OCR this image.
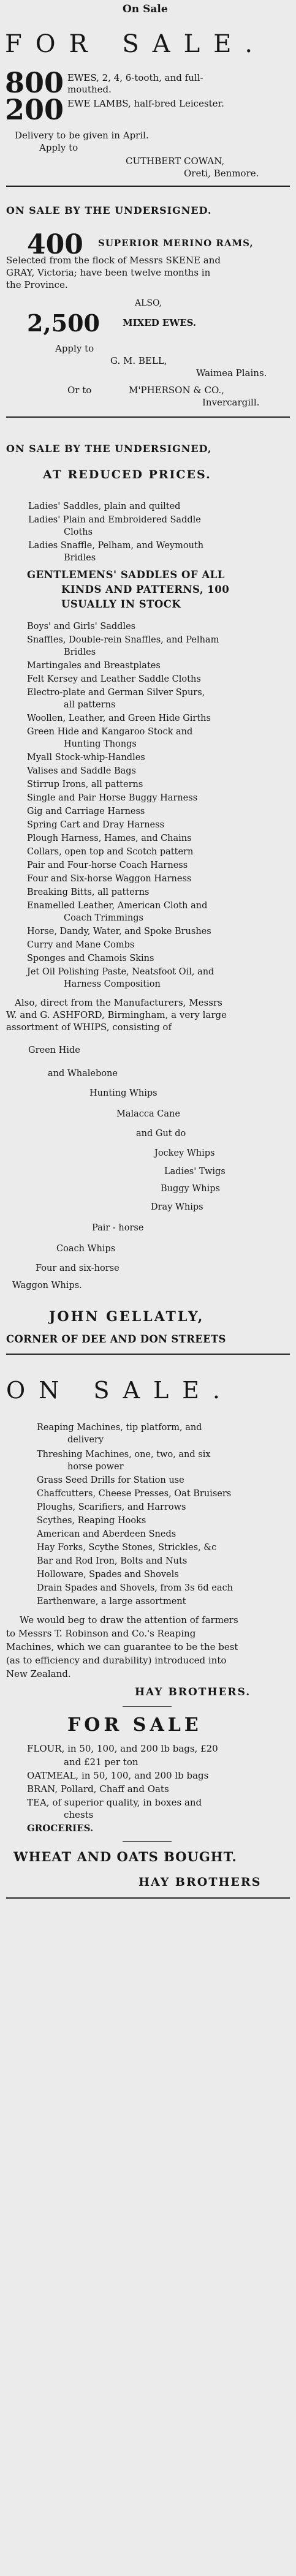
On Sale
FOR SALE.
800 EWES, 2, 4, 6-tooth, and full-
mouthed.
200 EWE LAMBS, half-bred Leicester.
Delivery to be given in April.
Apply to
CUTHBERT COWAN,
Oreti, Benmore.
ON SALE BY THE UNDERSIGNED.
400 SUPERIOR MERINO RAMS,
Selected from the flock of Messrs SKENE and
GRAY, Victoria; have been twelve months in
the Province.
ALSO,
2,500 MIXED EWES.
Apply to
G. M. BELL,
Waimea Plains.
Or to	M'PHERSON & CO.,
Invercargill.
ON SALE BY THE UNDERSIGNED,
AT REDUCED PRICES.
Ladies' Saddles, plain and quilted
Ladies' Plain and Embroidered Saddle
Cloths
Ladies Snaffle, Pelham, and Weymouth
Bridles
GENTLEMENS' SADDLES OF ALL
KINDS AND PATTERNS, 100
USUALLY IN STOCK
Boys' and Girls' Saddles
Snaffles, Double-rein Snaffles, and Pelham
Bridles
Martingales and Breastplates
Felt Kersey and Leather Saddle Cloths
Electro-plate and German Silver Spurs,
all patterns
Woollen, Leather, and Green Hide Girths
Green Hide and Kangaroo Stock and
Hunting Thongs
Myall Stock-whip-Handles
Valises and Saddle Bags
Stirrup Irons, all patterns
Single and Pair Horse Buggy Harness
Gig and Carriage Harness
Spring Cart and Dray Harness
Plough Harness, Hames, and Chains
Collars, open top and Scotch pattern
Pair and Four-horse Coach Harness
Four and Six-horse Waggon Harness
Breaking Bitts, all patterns
Enamelled Leather, American Cloth and
Coach Trimmings
Horse, Dandy, Water, and Spoke Brushes
Curry and Mane Combs
Sponges and Chamois Skins
Jet Oil Polishing Paste, Neatsfoot Oil, and
Harness Composition
Also, direct from the Manufacturers, Messrs
W. and G. ASHFORD, Birmingham, a very large
assortment of WHIPS, consisting of
Green Hide
and Whalebone
Hunting Whips
Malacca Cane
and Gut do
Jockey Whips
Ladies' Twigs
Buggy Whips
Dray Whips
Pair - horse
Coach Whips
Four and six-horse
Waggon Whips.
JOHN GELLATLY,
CORNER OF DEE AND DON STREETS
ON SALE.
Reaping Machines, tip platform, and
delivery
Threshing Machines, one, two, and six
horse power
Grass Seed Drills for Station use
Chaffcutters, Cheese Presses, Oat Bruisers
Ploughs, Scarifiers, and Harrows
Scythes, Reaping Hooks
American and Aberdeen Sneds
Hay Forks, Scythe Stones, Strickles, &c
Bar and Rod Iron, Bolts and Nuts
Holloware, Spades and Shovels
Drain Spades and Shovels, from 3s 6d each
Earthenware, a large assortment
We would beg to draw the attention of farmers
to Messrs T. Robinson and Co.'s Reaping
Machines, which we can guarantee to be the best
(as to efficiency and durability) introduced into
New Zealand.
HAY BROTHERS.
FOR SALE
FLOUR, in 50, 100, and 200 lb bags, £20
and £21 per ton
OATMEAL, in 50, 100, and 200 lb bags
BRAN, Pollard, Chaff and Oats
TEA, of superior quality, in boxes and
chests
GROCERIES.
WHEAT AND OATS BOUGHT.
HAY BROTHERS
